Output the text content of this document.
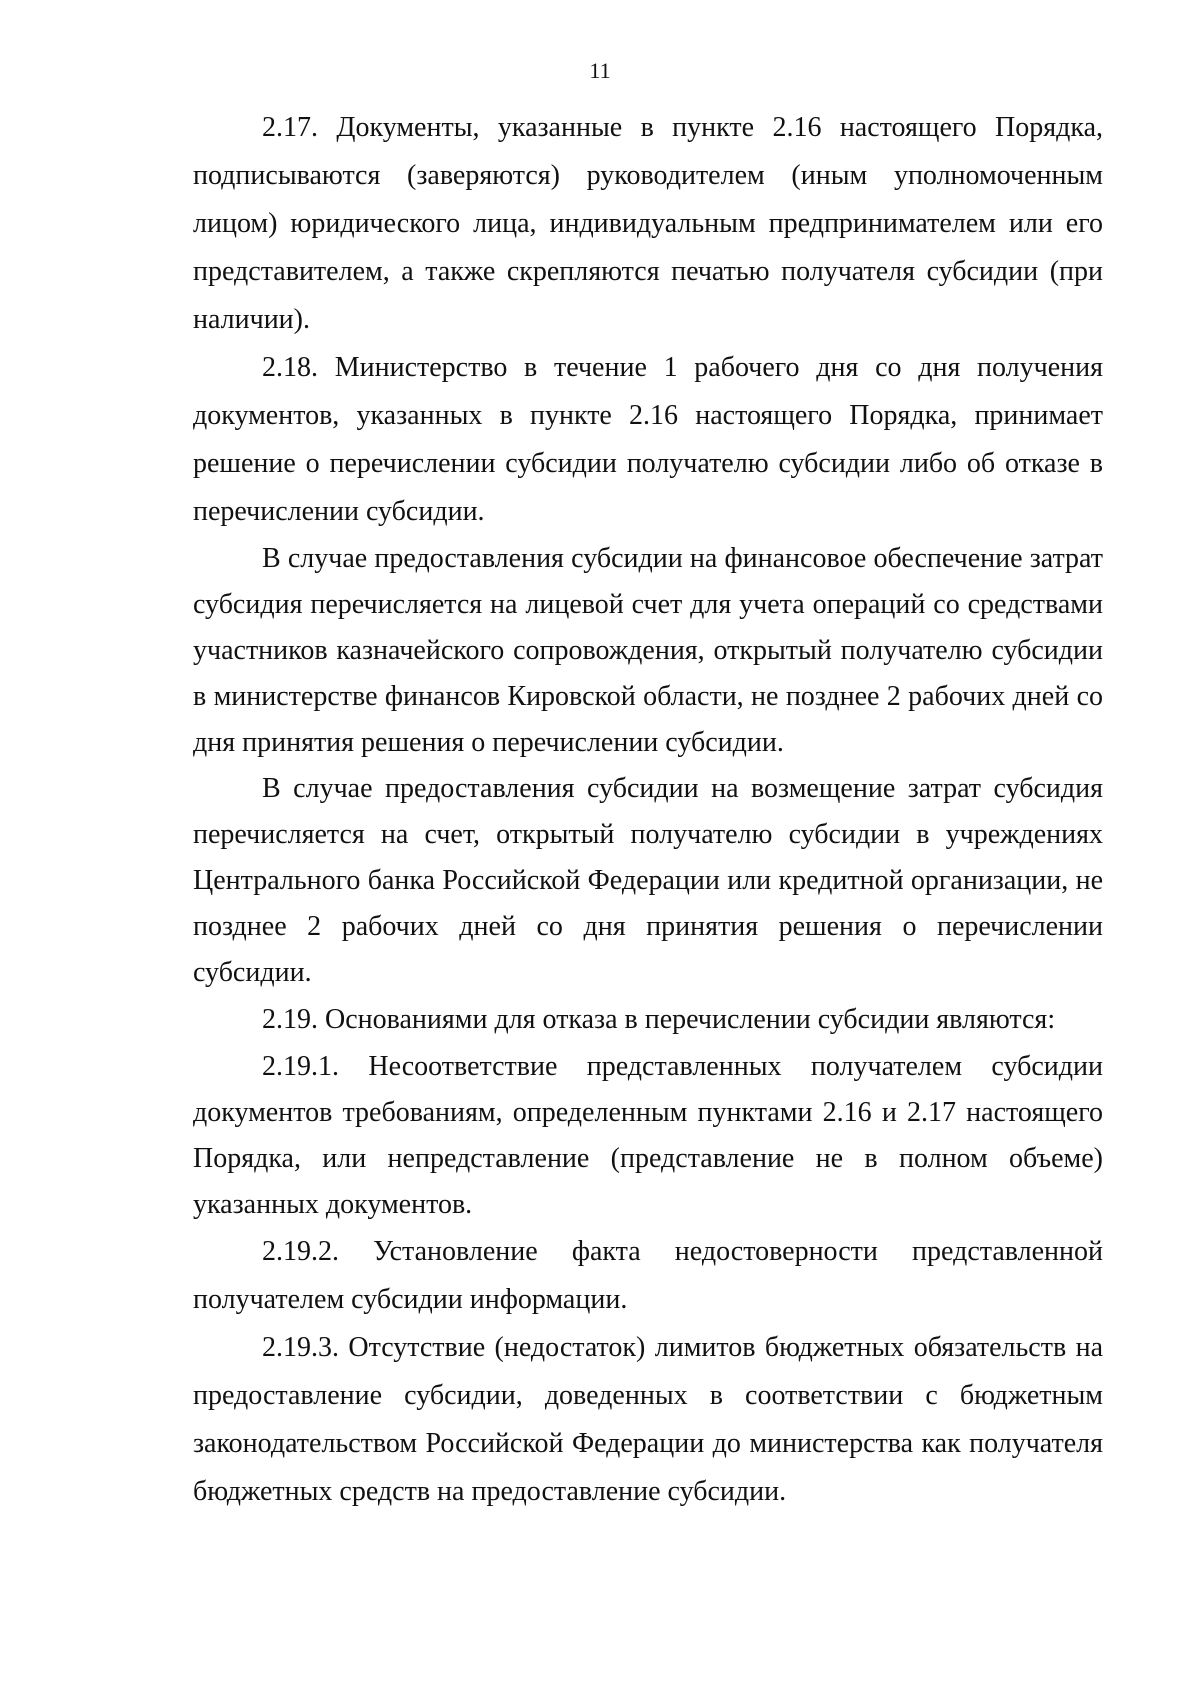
11

2.17. Документы, указанные в пункте 2.16 настоящего Порядка, подписываются (заверяются) руководителем (иным уполномоченным лицом) юридического лица, индивидуальным предпринимателем или его представителем, а также скрепляются печатью получателя субсидии (при наличии).

2.18. Министерство в течение 1 рабочего дня со дня получения документов, указанных в пункте 2.16 настоящего Порядка, принимает решение о перечислении субсидии получателю субсидии либо об отказе в перечислении субсидии.

В случае предоставления субсидии на финансовое обеспечение затрат субсидия перечисляется на лицевой счет для учета операций со средствами участников казначейского сопровождения, открытый получателю субсидии в министерстве финансов Кировской области, не позднее 2 рабочих дней со дня принятия решения о перечислении субсидии.

В случае предоставления субсидии на возмещение затрат субсидия перечисляется на счет, открытый получателю субсидии в учреждениях Центрального банка Российской Федерации или кредитной организации, не позднее 2 рабочих дней со дня принятия решения о перечислении субсидии.

2.19. Основаниями для отказа в перечислении субсидии являются:

2.19.1. Несоответствие представленных получателем субсидии документов требованиям, определенным пунктами 2.16 и 2.17 настоящего Порядка, или непредставление (представление не в полном объеме) указанных документов.

2.19.2. Установление факта недостоверности представленной получателем субсидии информации.

2.19.3. Отсутствие (недостаток) лимитов бюджетных обязательств на предоставление субсидии, доведенных в соответствии с бюджетным законодательством Российской Федерации до министерства как получателя бюджетных средств на предоставление субсидии.
